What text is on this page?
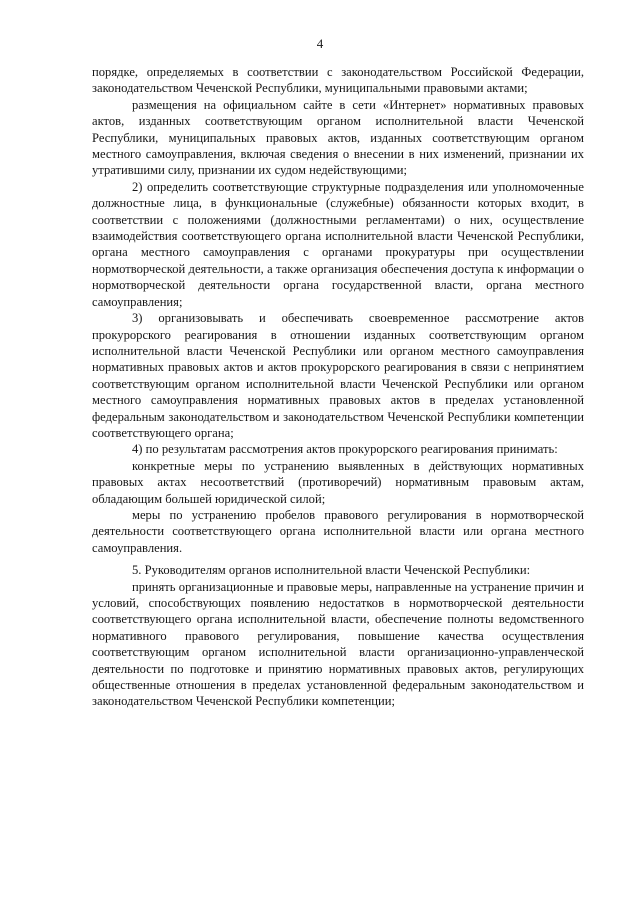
4

порядке, определяемых в соответствии с законодательством Российской Федерации, законодательством Чеченской Республики, муниципальными правовыми актами;

размещения на официальном сайте в сети «Интернет» нормативных правовых актов, изданных соответствующим органом исполнительной власти Чеченской Республики, муниципальных правовых актов, изданных соответствующим органом местного самоуправления, включая сведения о внесении в них изменений, признании их утратившими силу, признании их судом недействующими;

2) определить соответствующие структурные подразделения или уполномоченные должностные лица, в функциональные (служебные) обязанности которых входит, в соответствии с положениями (должностными регламентами) о них, осуществление взаимодействия соответствующего органа исполнительной власти Чеченской Республики, органа местного самоуправления с органами прокуратуры при осуществлении нормотворческой деятельности, а также организация обеспечения доступа к информации о нормотворческой деятельности органа государственной власти, органа местного самоуправления;

3) организовывать и обеспечивать своевременное рассмотрение актов прокурорского реагирования в отношении изданных соответствующим органом исполнительной власти Чеченской Республики или органом местного самоуправления нормативных правовых актов и актов прокурорского реагирования в связи с непринятием соответствующим органом исполнительной власти Чеченской Республики или органом местного самоуправления нормативных правовых актов в пределах установленной федеральным законодательством и законодательством Чеченской Республики компетенции соответствующего органа;

4) по результатам рассмотрения актов прокурорского реагирования принимать:

конкретные меры по устранению выявленных в действующих нормативных правовых актах несоответствий (противоречий) нормативным правовым актам, обладающим большей юридической силой;

меры по устранению пробелов правового регулирования в нормотворческой деятельности соответствующего органа исполнительной власти или органа местного самоуправления.

5. Руководителям органов исполнительной власти Чеченской Республики:

принять организационные и правовые меры, направленные на устранение причин и условий, способствующих появлению недостатков в нормотворческой деятельности соответствующего органа исполнительной власти, обеспечение полноты ведомственного нормативного правового регулирования, повышение качества осуществления соответствующим органом исполнительной власти организационно-управленческой деятельности по подготовке и принятию нормативных правовых актов, регулирующих общественные отношения в пределах установленной федеральным законодательством и законодательством Чеченской Республики компетенции;
